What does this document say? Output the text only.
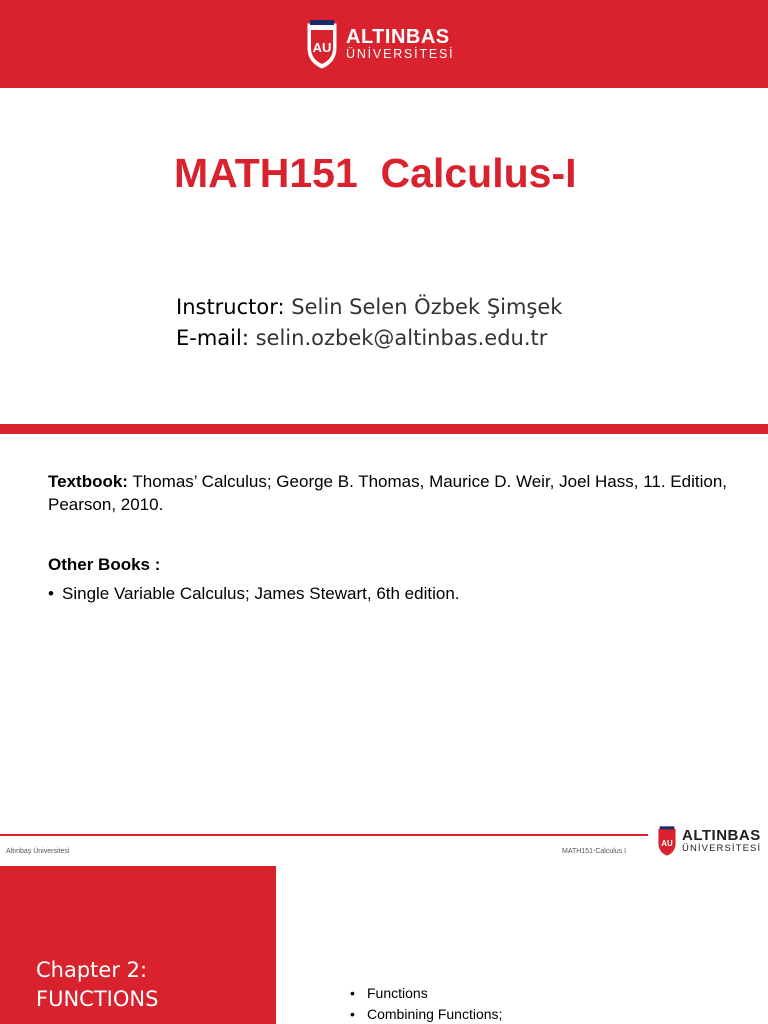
AU ALTINBAS
ÜNİVERSİTESİ
MATH151  Calculus-I
Instructor: Selin Selen Özbek Şimşek
E-mail: selin.ozbek@altinbas.edu.tr
Textbook: Thomas’ Calculus; George B. Thomas, Maurice D. Weir, Joel Hass, 11. Edition, Pearson, 2010.
Other Books :
• Single Variable Calculus; James Stewart, 6th edition.
Altınbaş Üniversitesi	MATH151-Calculus I
AU ALTINBAS
ÜNİVERSİTESİ
Chapter 2:
FUNCTIONS	• Functions
• Combining Functions;
